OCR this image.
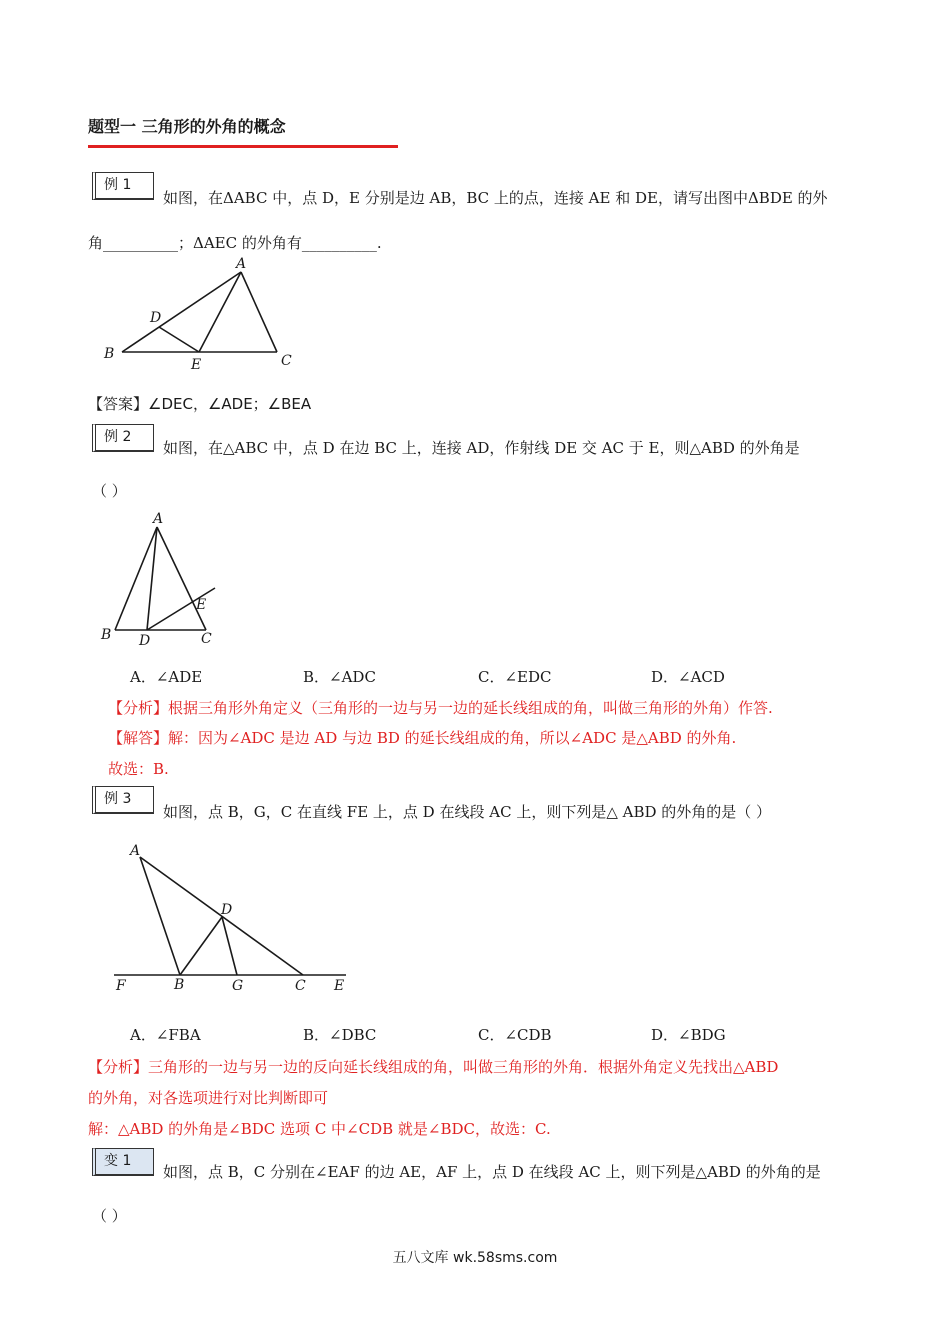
题型一 三角形的外角的概念
例 1
如图，在ΔABC 中，点 D，E 分别是边 AB，BC 上的点，连接 AE 和 DE，请写出图中ΔBDE 的外
角__________；ΔAEC 的外角有__________.
A
B	C
D
E
【答案】∠DEC，∠ADE；∠BEA
例 2
如图，在△ABC 中，点 D 在边 BC 上，连接 AD，作射线 DE 交 AC 于 E，则△ABD 的外角是
（ ）
A
B	C
D
E
A．∠ADE	B．∠ADC	C．∠EDC	D．∠ACD
【分析】根据三角形外角定义（三角形的一边与另一边的延长线组成的角，叫做三角形的外角）作答.
【解答】解：因为∠ADC 是边 AD 与边 BD 的延长线组成的角，所以∠ADC 是△ABD 的外角.
故选：B.
例 3
如图，点 B，G，C 在直线 FE 上，点 D 在线段 AC 上，则下列是△ ABD 的外角的是（ ）
A
B	C
D
E
F	G
A．∠FBA	B．∠DBC	C．∠CDB	D．∠BDG
【分析】三角形的一边与另一边的反向延长线组成的角，叫做三角形的外角．根据外角定义先找出△ABD
的外角，对各选项进行对比判断即可
解：△ABD 的外角是∠BDC 选项 C 中∠CDB 就是∠BDC，故选：C.
变 1
如图，点 B，C 分别在∠EAF 的边 AE，AF 上，点 D 在线段 AC 上，则下列是△ABD 的外角的是
（ ）
五八文库 wk.58sms.com
